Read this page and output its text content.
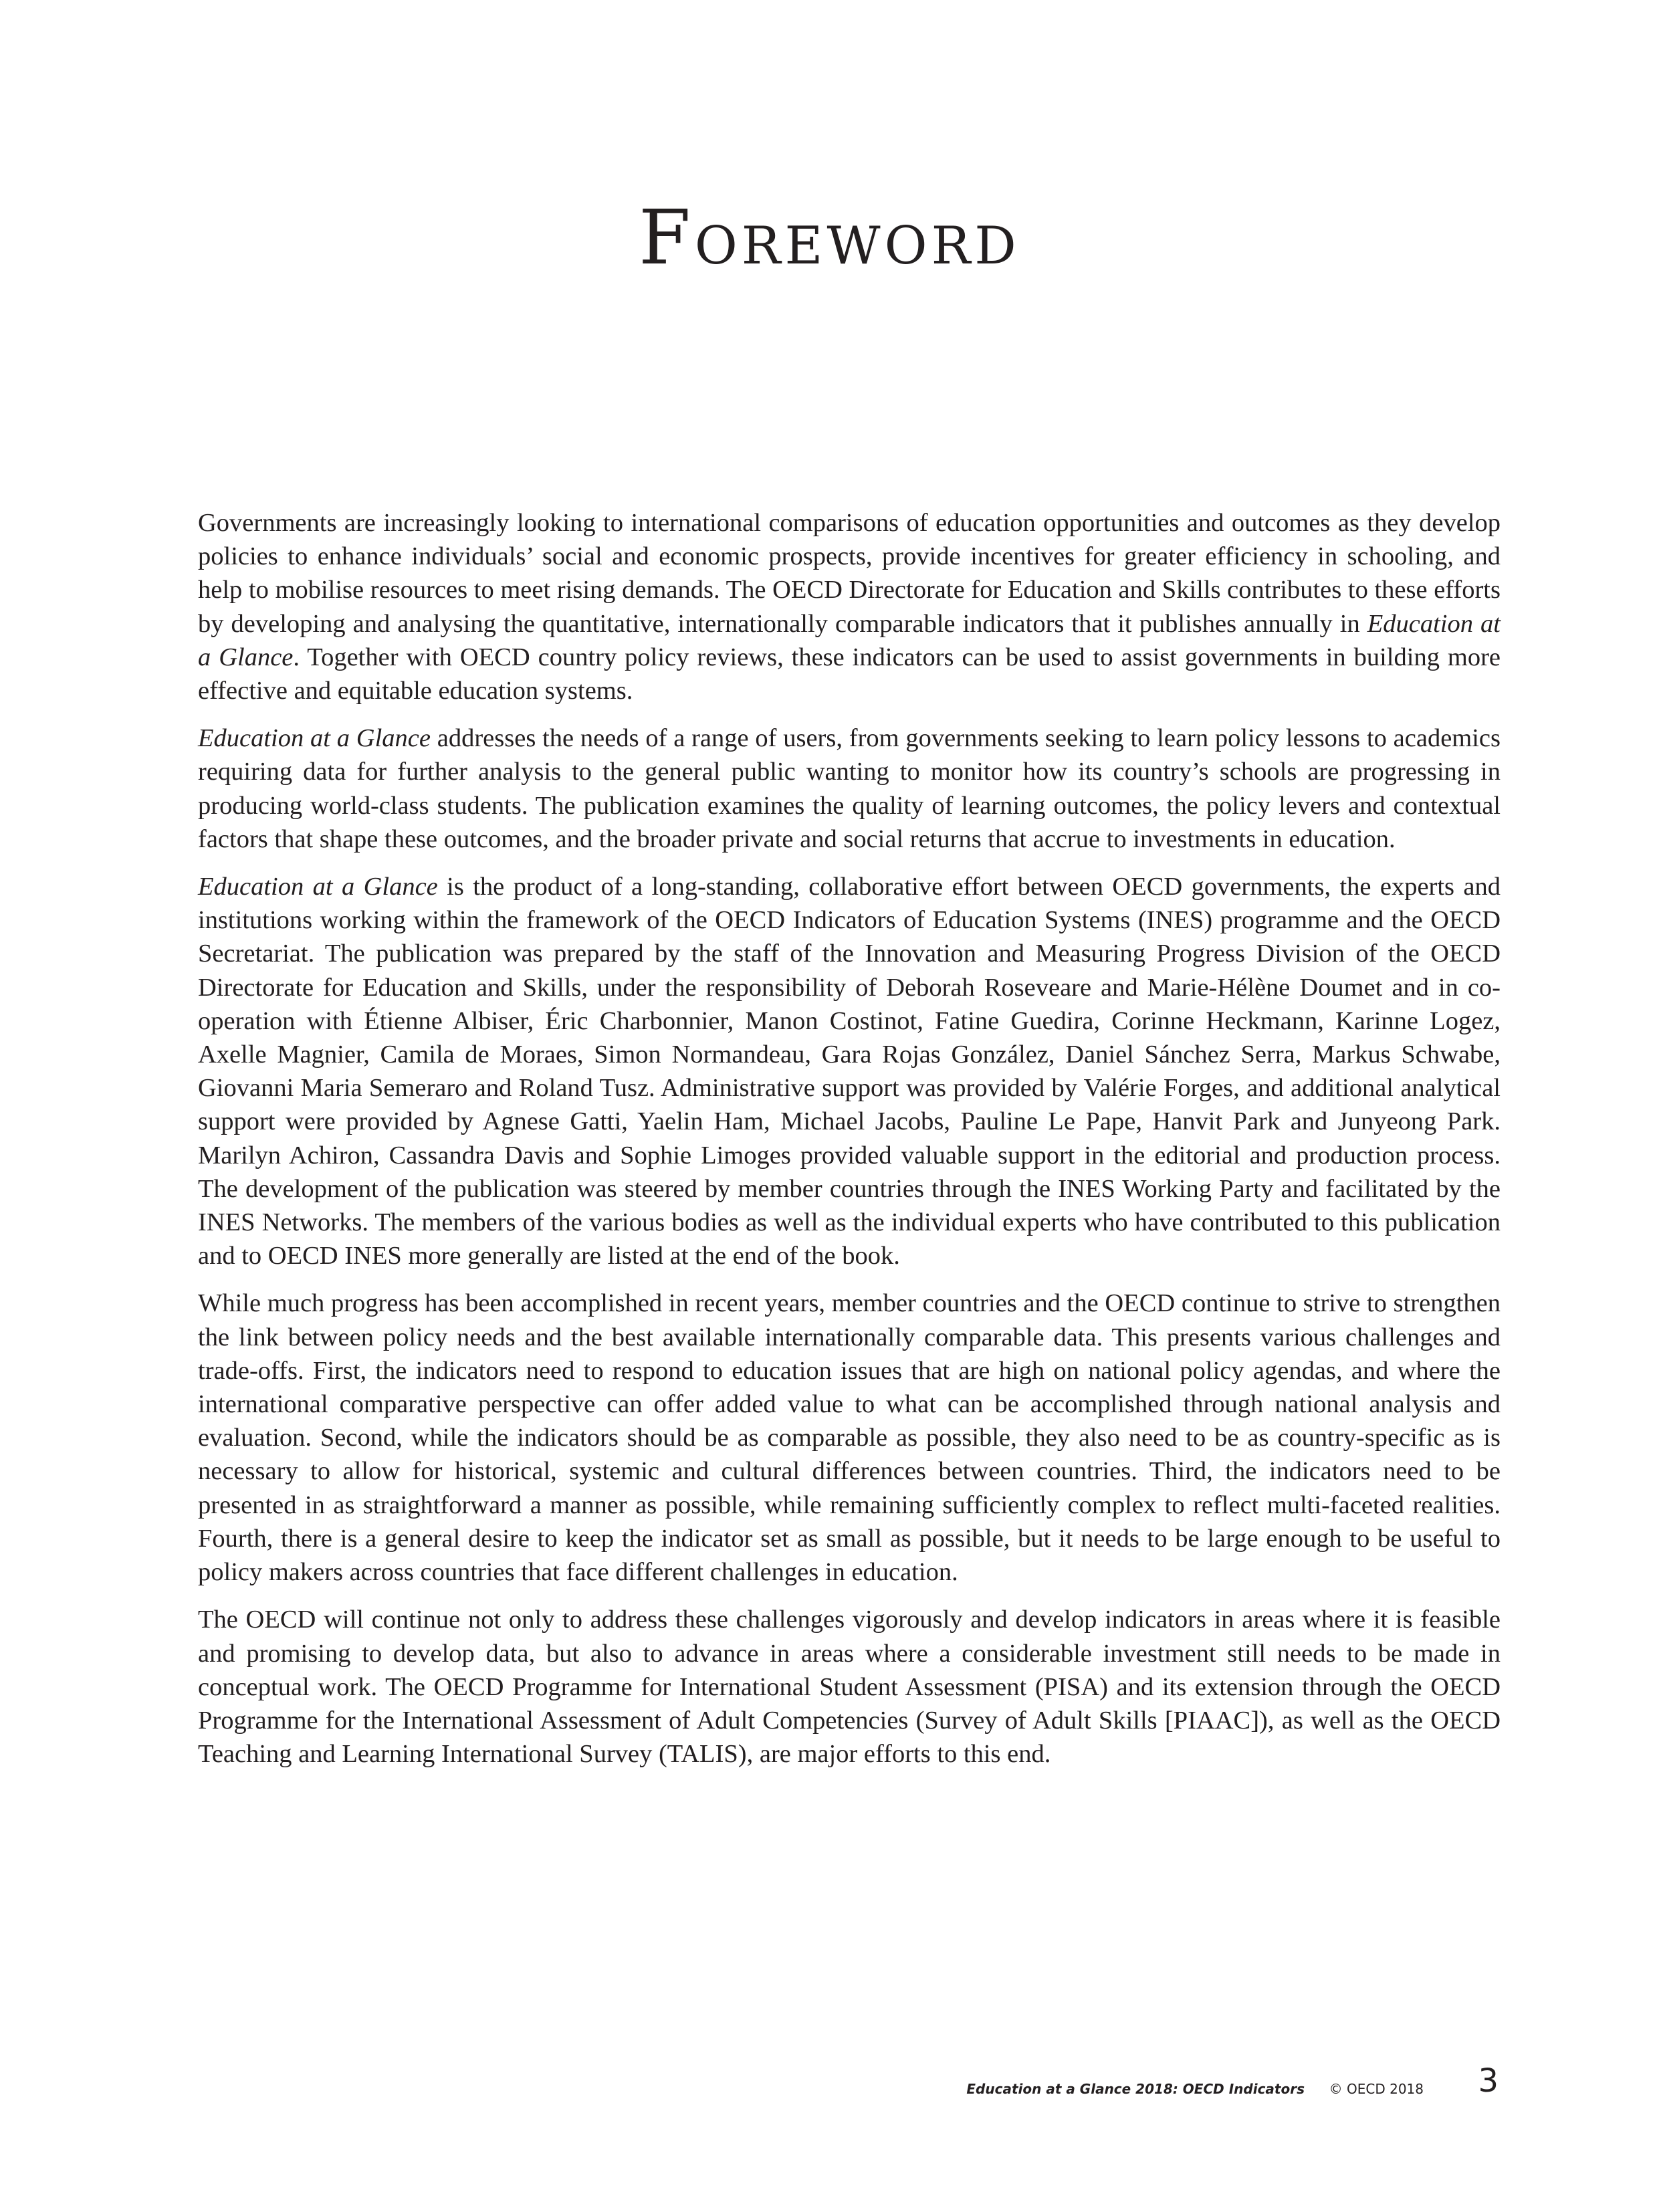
Foreword

Governments are increasingly looking to international comparisons of education opportunities and outcomes as they develop policies to enhance individuals’ social and economic prospects, provide incentives for greater efficiency in schooling, and help to mobilise resources to meet rising demands. The OECD Directorate for Education and Skills contributes to these efforts by developing and analysing the quantitative, internationally comparable indicators that it publishes annually in Education at a Glance. Together with OECD country policy reviews, these indicators can be used to assist governments in building more effective and equitable education systems.

Education at a Glance addresses the needs of a range of users, from governments seeking to learn policy lessons to academics requiring data for further analysis to the general public wanting to monitor how its country’s schools are progressing in producing world-class students. The publication examines the quality of learning outcomes, the policy levers and contextual factors that shape these outcomes, and the broader private and social returns that accrue to investments in education.

Education at a Glance is the product of a long-standing, collaborative effort between OECD governments, the experts and institutions working within the framework of the OECD Indicators of Education Systems (INES) programme and the OECD Secretariat. The publication was prepared by the staff of the Innovation and Measuring Progress Division of the OECD Directorate for Education and Skills, under the responsibility of Deborah Roseveare and Marie-Hélène Doumet and in co-operation with Étienne Albiser, Éric Charbonnier, Manon Costinot, Fatine Guedira, Corinne Heckmann, Karinne Logez, Axelle Magnier, Camila de Moraes, Simon Normandeau, Gara Rojas González, Daniel Sánchez Serra, Markus Schwabe, Giovanni Maria Semeraro and Roland Tusz. Administrative support was provided by Valérie Forges, and additional analytical support were provided by Agnese Gatti, Yaelin Ham, Michael Jacobs, Pauline Le Pape, Hanvit Park and Junyeong Park. Marilyn Achiron, Cassandra Davis and Sophie Limoges provided valuable support in the editorial and production process. The development of the publication was steered by member countries through the INES Working Party and facilitated by the INES Networks. The members of the various bodies as well as the individual experts who have contributed to this publication and to OECD INES more generally are listed at the end of the book.

While much progress has been accomplished in recent years, member countries and the OECD continue to strive to strengthen the link between policy needs and the best available internationally comparable data. This presents various challenges and trade-offs. First, the indicators need to respond to education issues that are high on national policy agendas, and where the international comparative perspective can offer added value to what can be accomplished through national analysis and evaluation. Second, while the indicators should be as comparable as possible, they also need to be as country-specific as is necessary to allow for historical, systemic and cultural differences between countries. Third, the indicators need to be presented in as straightforward a manner as possible, while remaining sufficiently complex to reflect multi-faceted realities. Fourth, there is a general desire to keep the indicator set as small as possible, but it needs to be large enough to be useful to policy makers across countries that face different challenges in education.

The OECD will continue not only to address these challenges vigorously and develop indicators in areas where it is feasible and promising to develop data, but also to advance in areas where a considerable investment still needs to be made in conceptual work. The OECD Programme for International Student Assessment (PISA) and its extension through the OECD Programme for the International Assessment of Adult Competencies (Survey of Adult Skills [PIAAC]), as well as the OECD Teaching and Learning International Survey (TALIS), are major efforts to this end.

Education at a Glance 2018: OECD Indicators © OECD 2018 3
